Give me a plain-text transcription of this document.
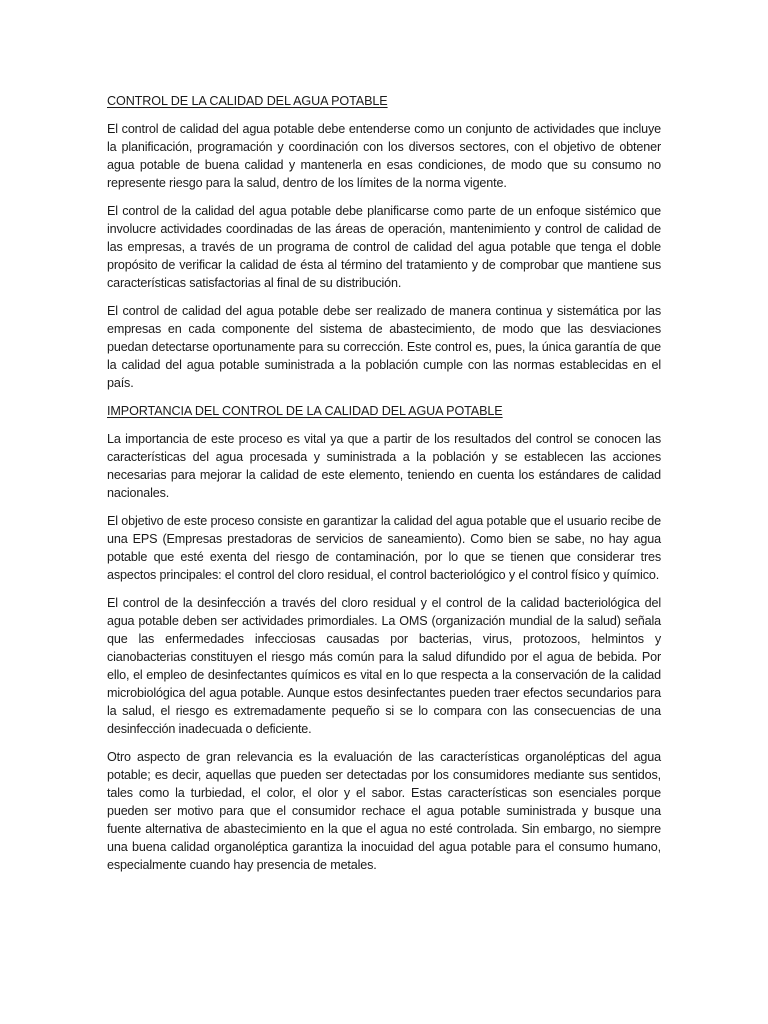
CONTROL DE LA CALIDAD DEL AGUA POTABLE

El control de calidad del agua potable debe entenderse como un conjunto de actividades que incluye la planificación, programación y coordinación con los diversos sectores, con el objetivo de obtener agua potable de buena calidad y mantenerla en esas condiciones, de modo que su consumo no represente riesgo para la salud, dentro de los límites de la norma vigente.

El control de la calidad del agua potable debe planificarse como parte de un enfoque sistémico que involucre actividades coordinadas de las áreas de operación, mantenimiento y control de calidad de las empresas, a través de un programa de control de calidad del agua potable que tenga el doble propósito de verificar la calidad de ésta al término del tratamiento y de comprobar que mantiene sus características satisfactorias al final de su distribución.

El control de calidad del agua potable debe ser realizado de manera continua y sistemática por las empresas en cada componente del sistema de abastecimiento, de modo que las desviaciones puedan detectarse oportunamente para su corrección. Este control es, pues, la única garantía de que la calidad del agua potable suministrada a la población cumple con las normas establecidas en el país.

IMPORTANCIA DEL CONTROL DE LA CALIDAD DEL AGUA POTABLE

La importancia de este proceso es vital ya que a partir de los resultados del control se conocen las características del agua procesada y suministrada a la población y se establecen las acciones necesarias para mejorar la calidad de este elemento, teniendo en cuenta los estándares de calidad nacionales.

El objetivo de este proceso consiste en garantizar la calidad del agua potable que el usuario recibe de una EPS (Empresas prestadoras de servicios de saneamiento). Como bien se sabe, no hay agua potable que esté exenta del riesgo de contaminación, por lo que se tienen que considerar tres aspectos principales: el control del cloro residual, el control bacteriológico y el control físico y químico.

El control de la desinfección a través del cloro residual y el control de la calidad bacteriológica del agua potable deben ser actividades primordiales. La OMS (organización mundial de la salud) señala que las enfermedades infecciosas causadas por bacterias, virus, protozoos, helmintos y cianobacterias constituyen el riesgo más común para la salud difundido por el agua de bebida. Por ello, el empleo de desinfectantes químicos es vital en lo que respecta a la conservación de la calidad microbiológica del agua potable. Aunque estos desinfectantes pueden traer efectos secundarios para la salud, el riesgo es extremadamente pequeño si se lo compara con las consecuencias de una desinfección inadecuada o deficiente.

Otro aspecto de gran relevancia es la evaluación de las características organolépticas del agua potable; es decir, aquellas que pueden ser detectadas por los consumidores mediante sus sentidos, tales como la turbiedad, el color, el olor y el sabor. Estas características son esenciales porque pueden ser motivo para que el consumidor rechace el agua potable suministrada y busque una fuente alternativa de abastecimiento en la que el agua no esté controlada. Sin embargo, no siempre una buena calidad organoléptica garantiza la inocuidad del agua potable para el consumo humano, especialmente cuando hay presencia de metales.
